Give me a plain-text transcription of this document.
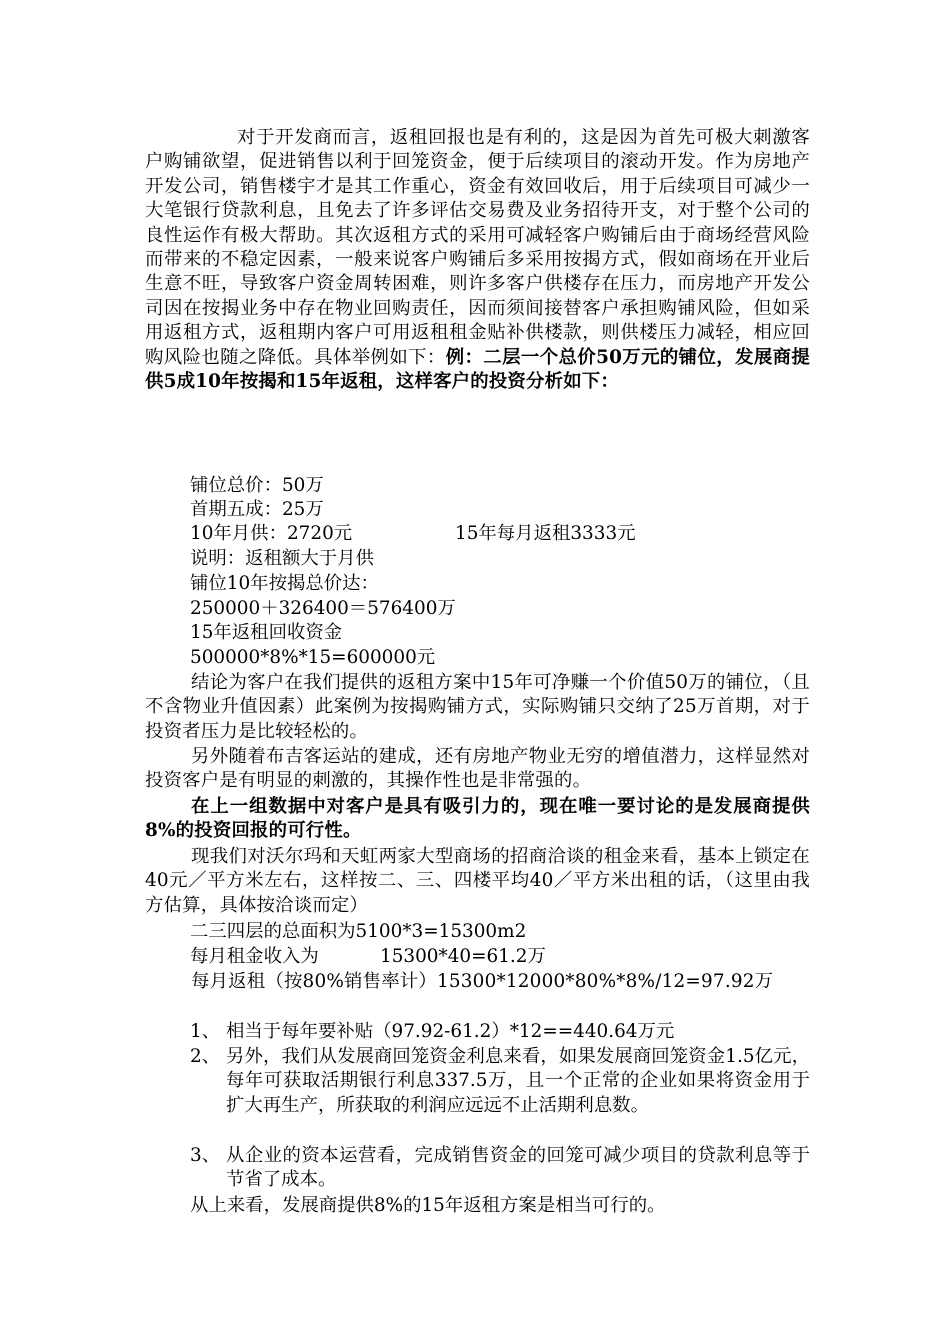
对于开发商而言，返租回报也是有利的，这是因为首先可极大刺激客户购铺欲望，促进销售以利于回笼资金，便于后续项目的滚动开发。作为房地产开发公司，销售楼宇才是其工作重心，资金有效回收后，用于后续项目可减少一大笔银行贷款利息，且免去了许多评估交易费及业务招待开支，对于整个公司的良性运作有极大帮助。其次返租方式的采用可减轻客户购铺后由于商场经营风险而带来的不稳定因素，一般来说客户购铺后多采用按揭方式，假如商场在开业后生意不旺，导致客户资金周转困难，则许多客户供楼存在压力，而房地产开发公司因在按揭业务中存在物业回购责任，因而须间接替客户承担购铺风险，但如采用返租方式，返租期内客户可用返租租金贴补供楼款，则供楼压力减轻，相应回购风险也随之降低。具体举例如下：例：二层一个总价50万元的铺位，发展商提供5成10年按揭和15年返租，这样客户的投资分析如下：

铺位总价：50万

首期五成：25万

10年月供：2720元	15年每月返租3333元

说明：返租额大于月供

铺位10年按揭总价达：

250000＋326400＝576400万

15年返租回收资金

500000*8%*15=600000元

结论为客户在我们提供的返租方案中15年可净赚一个价值50万的铺位，（且不含物业升值因素）此案例为按揭购铺方式，实际购铺只交纳了25万首期，对于投资者压力是比较轻松的。

另外随着布吉客运站的建成，还有房地产物业无穷的增值潜力，这样显然对投资客户是有明显的刺激的，其操作性也是非常强的。

在上一组数据中对客户是具有吸引力的，现在唯一要讨论的是发展商提供8%的投资回报的可行性。

现我们对沃尔玛和天虹两家大型商场的招商洽谈的租金来看，基本上锁定在40元／平方米左右，这样按二、三、四楼平均40／平方米出租的话，（这里由我方估算，具体按洽谈而定）

二三四层的总面积为5100*3=15300m2

每月租金收入为	15300*40=61.2万

每月返租（按80%销售率计）15300*12000*80%*8%/12=97.92万

1、 相当于每年要补贴（97.92-61.2）*12==440.64万元
2、 另外，我们从发展商回笼资金利息来看，如果发展商回笼资金1.5亿元，每年可获取活期银行利息337.5万，且一个正常的企业如果将资金用于扩大再生产，所获取的利润应远远不止活期利息数。
3、 从企业的资本运营看，完成销售资金的回笼可减少项目的贷款利息等于节省了成本。

从上来看，发展商提供8%的15年返租方案是相当可行的。
